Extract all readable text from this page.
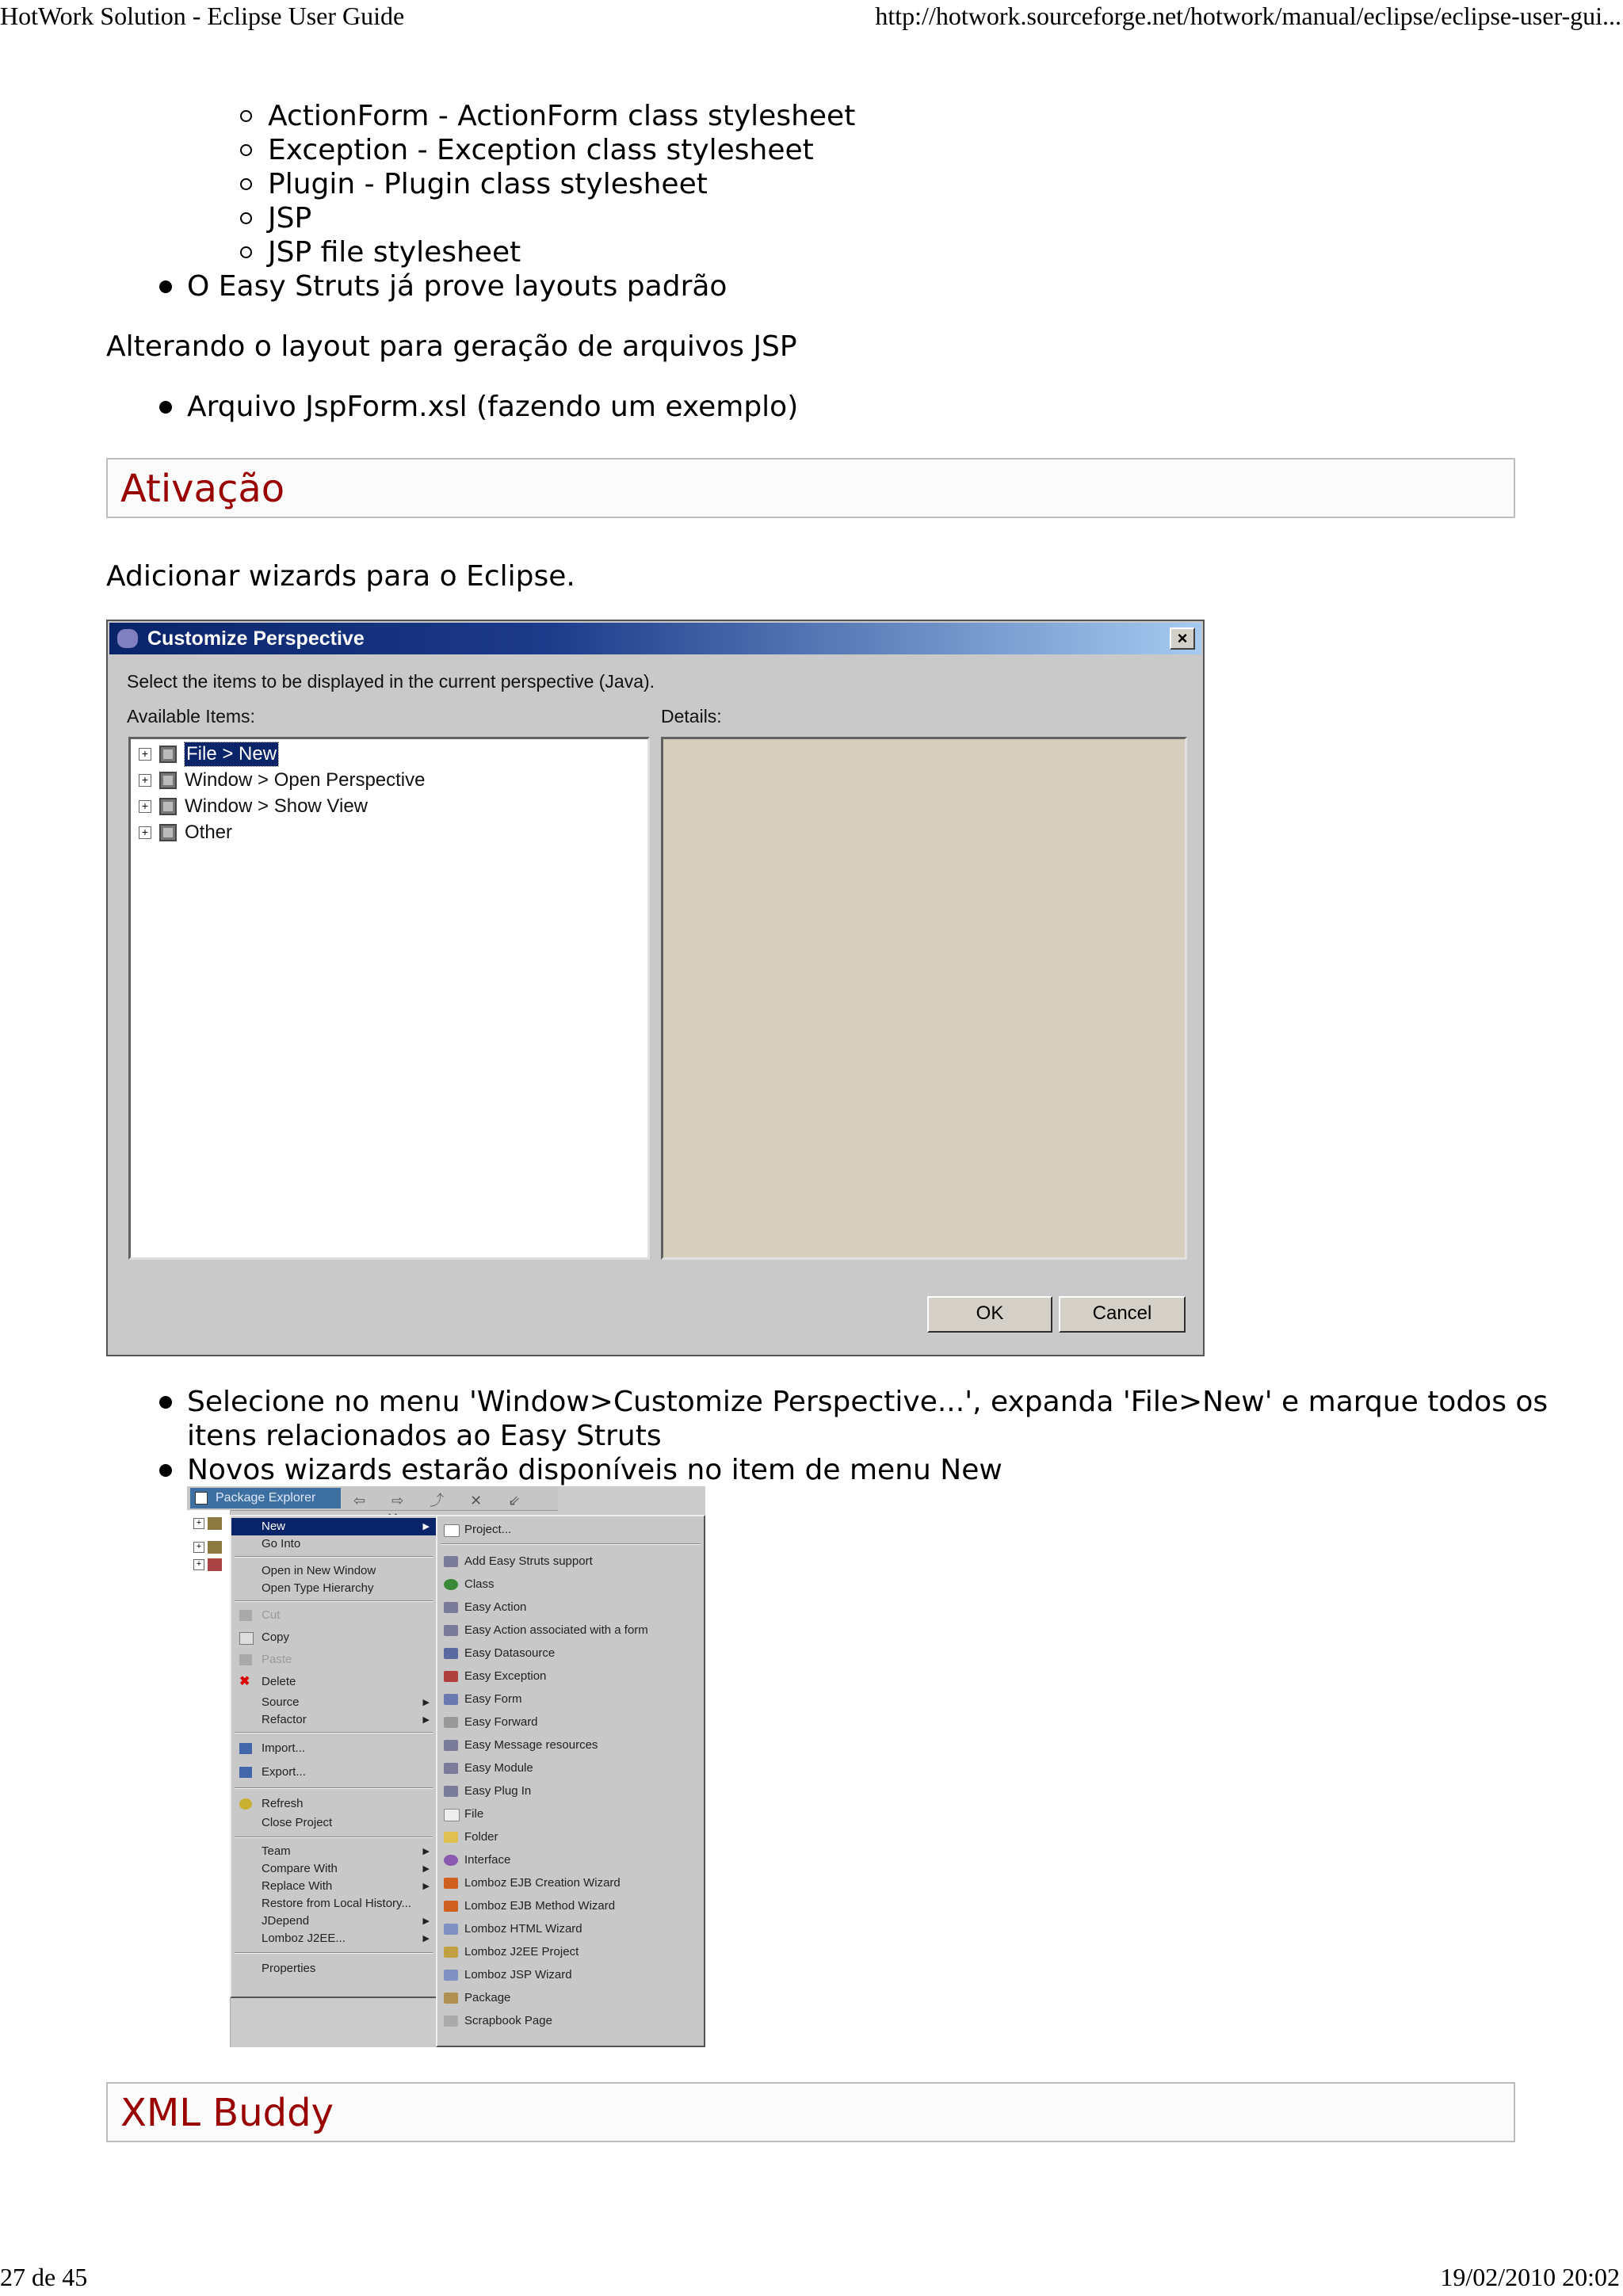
HotWork Solution - Eclipse User Guide	http://hotwork.sourceforge.net/hotwork/manual/eclipse/eclipse-user-gui...
ActionForm - ActionForm class stylesheet
Exception - Exception class stylesheet
Plugin - Plugin class stylesheet
JSP
JSP file stylesheet
O Easy Struts já prove layouts padrão
Alterando o layout para geração de arquivos JSP
Arquivo JspForm.xsl (fazendo um exemplo)
Ativação
Adicionar wizards para o Eclipse.
Customize Perspective	×
Select the items to be displayed in the current perspective (Java).
Available Items:	Details:
+ File > New
+ Window > Open Perspective
+ Window > Show View
+ Other
OK	Cancel
Selecione no menu 'Window>Customize Perspective...', expanda 'File>New' e marque todos os
itens relacionados ao Easy Struts
Novos wizards estarão disponíveis no item de menu New
Package Explorer	⇦ ⇨ ⤴ ✕ ⇙
+
+
+
New	▶
Go Into
Open in New Window
Open Type Hierarchy
Cut
Copy
Paste
✖ Delete
Source	▶
Refactor	▶
Import...
Export...
Refresh
Close Project
Team	▶
Compare With	▶
Replace With	▶
Restore from Local History...
JDepend	▶
Lomboz J2EE...	▶
Properties
Project...
Add Easy Struts support
Class
Easy Action
Easy Action associated with a form
Easy Datasource
Easy Exception
Easy Form
Easy Forward
Easy Message resources
Easy Module
Easy Plug In
File
Folder
Interface
Lomboz EJB Creation Wizard
Lomboz EJB Method Wizard
Lomboz HTML Wizard
Lomboz J2EE Project
Lomboz JSP Wizard
Package
Scrapbook Page
XML Buddy
27 de 45	19/02/2010 20:02
